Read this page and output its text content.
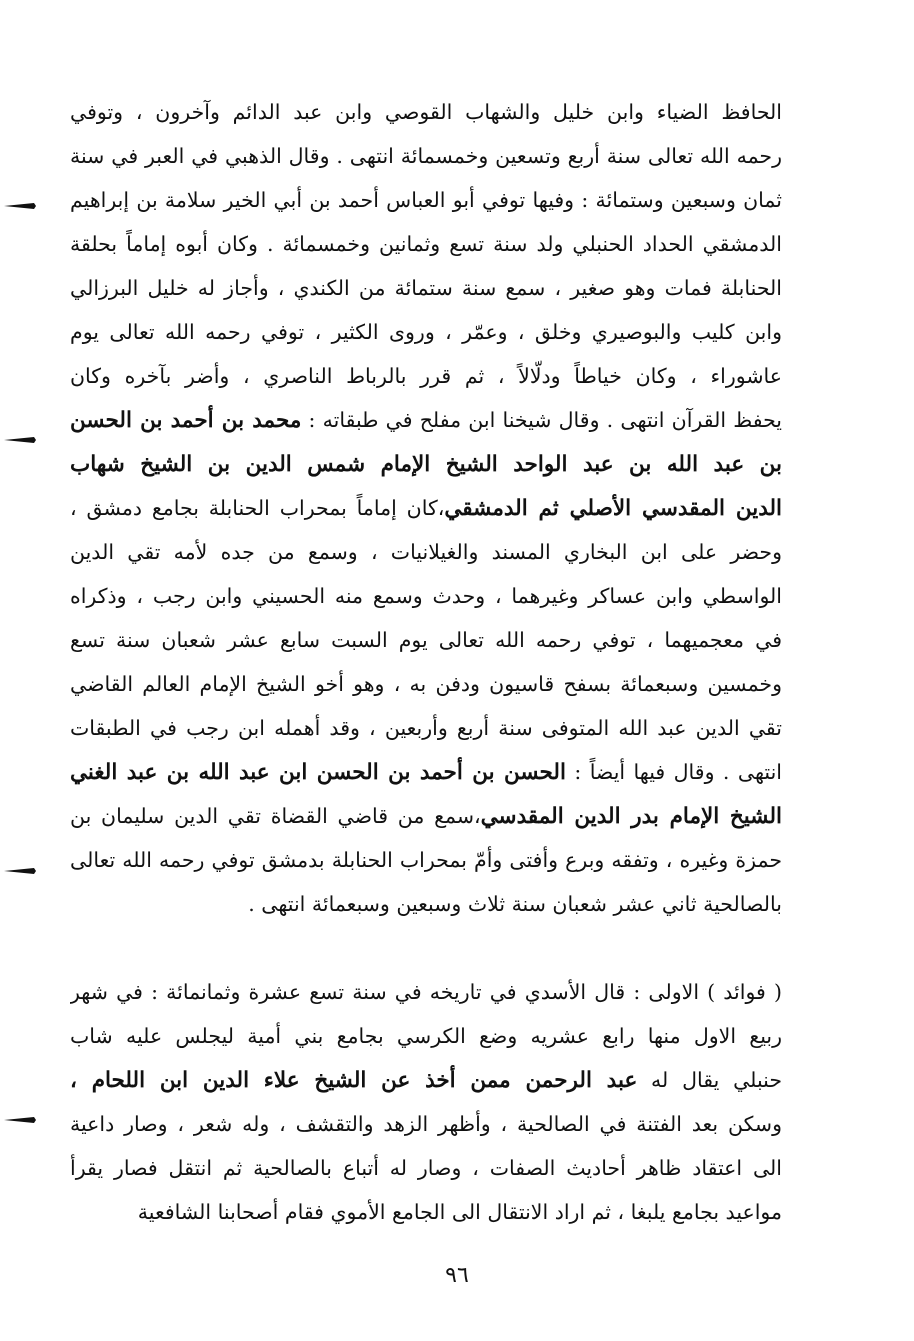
الحافظ الضياء وابن خليل والشهاب القوصي وابن عبد الدائم وآخرون ، وتوفي
رحمه الله تعالى سنة أربع وتسعين وخمسمائة انتهى . وقال الذهبي في العبر في سنة
ثمان وسبعين وستمائة : وفيها توفي أبو العباس أحمد بن أبي الخير سلامة بن إبراهيم
الدمشقي الحداد الحنبلي ولد سنة تسع وثمانين وخمسمائة . وكان أبوه إماماً بحلقة
الحنابلة فمات وهو صغير ، سمع سنة ستمائة من الكندي ، وأجاز له خليل البرزالي
وابن كليب والبوصيري وخلق ، وعمّر ، وروى الكثير ، توفي رحمه الله تعالى يوم
عاشوراء ، وكان خياطاً ودلّالاً ، ثم قرر بالرباط الناصري ، وأضر بآخره وكان
يحفظ القرآن انتهى . وقال شيخنا ابن مفلح في طبقاته : محمد بن أحمد بن الحسن
بن عبد الله بن عبد الواحد الشيخ الإمام شمس الدين بن الشيخ شهاب
الدين المقدسي الأصلي ثم الدمشقي،كان إماماً بمحراب الحنابلة بجامع دمشق ،
وحضر على ابن البخاري المسند والغيلانيات ، وسمع من جده لأمه تقي الدين
الواسطي وابن عساكر وغيرهما ، وحدث وسمع منه الحسيني وابن رجب ، وذكراه
في معجميهما ، توفي رحمه الله تعالى يوم السبت سابع عشر شعبان سنة تسع
وخمسين وسبعمائة بسفح قاسيون ودفن به ، وهو أخو الشيخ الإمام العالم القاضي
تقي الدين عبد الله المتوفى سنة أربع وأربعين ، وقد أهمله ابن رجب في الطبقات
انتهى . وقال فيها أيضاً : الحسن بن أحمد بن الحسن ابن عبد الله بن عبد الغني
الشيخ الإمام بدر الدين المقدسي،سمع من قاضي القضاة تقي الدين سليمان بن
حمزة وغيره ، وتفقه وبرع وأفتى وأمّ بمحراب الحنابلة بدمشق توفي رحمه الله تعالى
بالصالحية ثاني عشر شعبان سنة ثلاث وسبعين وسبعمائة انتهى .
( فوائد ) الاولى : قال الأسدي في تاريخه في سنة تسع عشرة وثمانمائة : في شهر
ربيع الاول منها رابع عشريه وضع الكرسي بجامع بني أمية ليجلس عليه شاب
حنبلي يقال له عبد الرحمن ممن أخذ عن الشيخ علاء الدين ابن اللحام ،
وسكن بعد الفتنة في الصالحية ، وأظهر الزهد والتقشف ، وله شعر ، وصار داعية
الى اعتقاد ظاهر أحاديث الصفات ، وصار له أتباع بالصالحية ثم انتقل فصار يقرأ
مواعيد بجامع يلبغا ، ثم اراد الانتقال الى الجامع الأموي فقام أصحابنا الشافعية
٩٦
